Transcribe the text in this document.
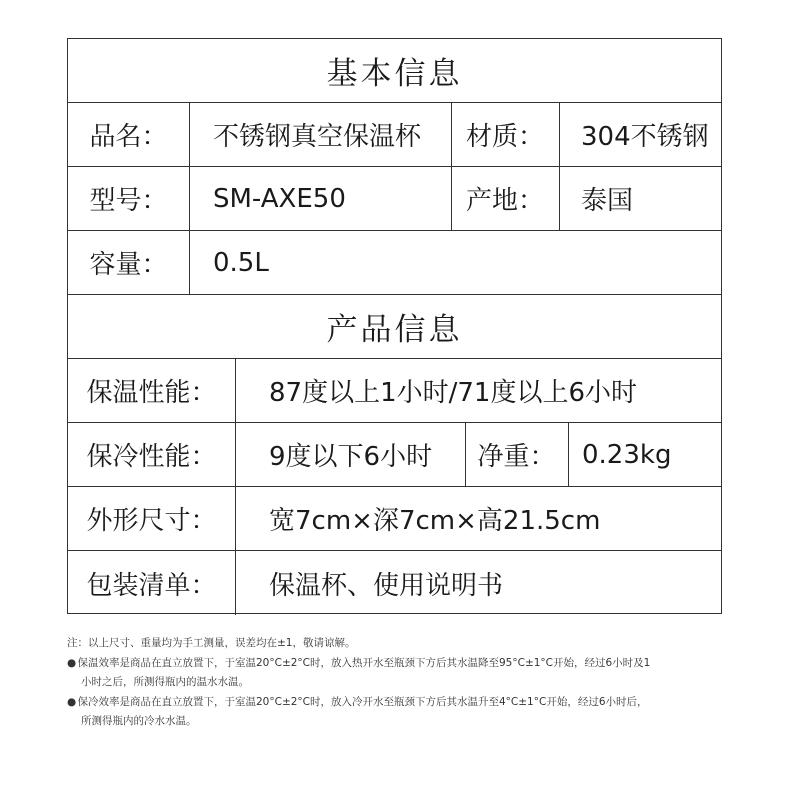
基本信息
品名：	不锈钢真空保温杯	材质：	304不锈钢
型号：	SM-AXE50	产地：	泰国
容量：	0.5L
产品信息
保温性能：	87度以上1小时/71度以上6小时
保冷性能：	9度以下6小时	净重：	0.23kg
外形尺寸：	宽7cm×深7cm×高21.5cm
包装清单：	保温杯、使用说明书

注：以上尺寸、重量均为手工测量，误差均在±1，敬请谅解。

●保温效率是商品在直立放置下，于室温20°C±2°C时，放入热开水至瓶颈下方后其水温降至95°C±1°C开始，经过6小时及1

小时之后，所测得瓶内的温水水温。

●保冷效率是商品在直立放置下，于室温20°C±2°C时，放入冷开水至瓶颈下方后其水温升至4°C±1°C开始，经过6小时后，

所测得瓶内的冷水水温。
